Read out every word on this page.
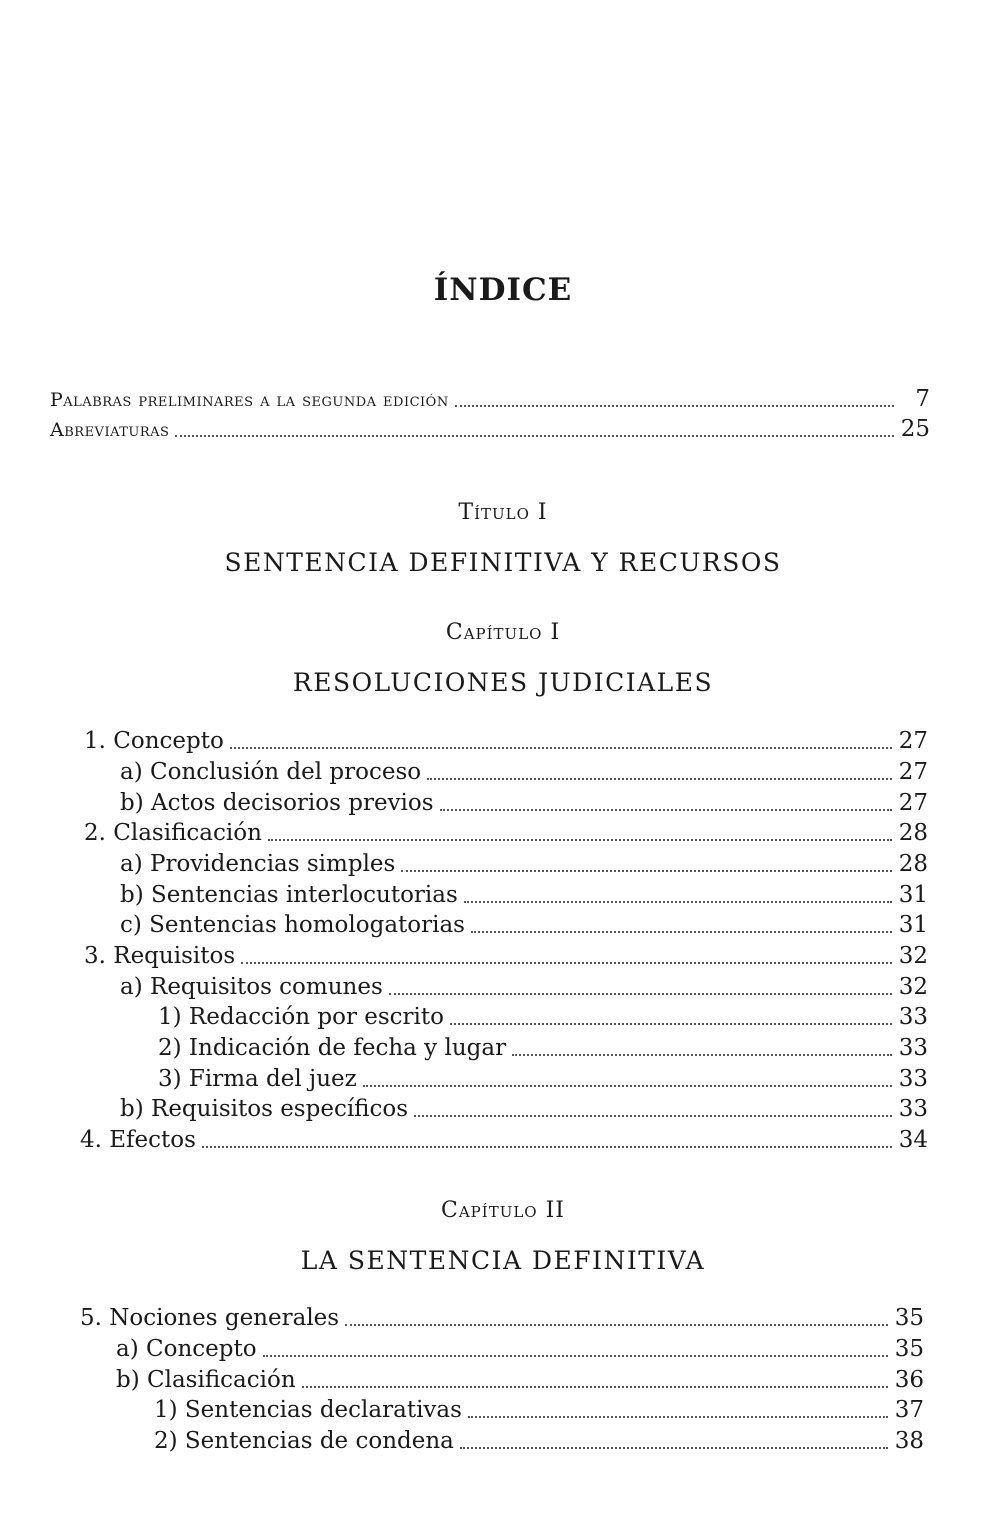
ÍNDICE
Palabras preliminares a la segunda edición	7
Abreviaturas	25
Título I
SENTENCIA DEFINITIVA Y RECURSOS
Capítulo I
RESOLUCIONES JUDICIALES
1. Concepto	27
a) Conclusión del proceso	27
b) Actos decisorios previos	27
2. Clasificación	28
a) Providencias simples	28
b) Sentencias interlocutorias	31
c) Sentencias homologatorias	31
3. Requisitos	32
a) Requisitos comunes	32
1) Redacción por escrito	33
2) Indicación de fecha y lugar	33
3) Firma del juez	33
b) Requisitos específicos	33
4. Efectos	34
Capítulo II
LA SENTENCIA DEFINITIVA
5. Nociones generales	35
a) Concepto	35
b) Clasificación	36
1) Sentencias declarativas	37
2) Sentencias de condena	38
